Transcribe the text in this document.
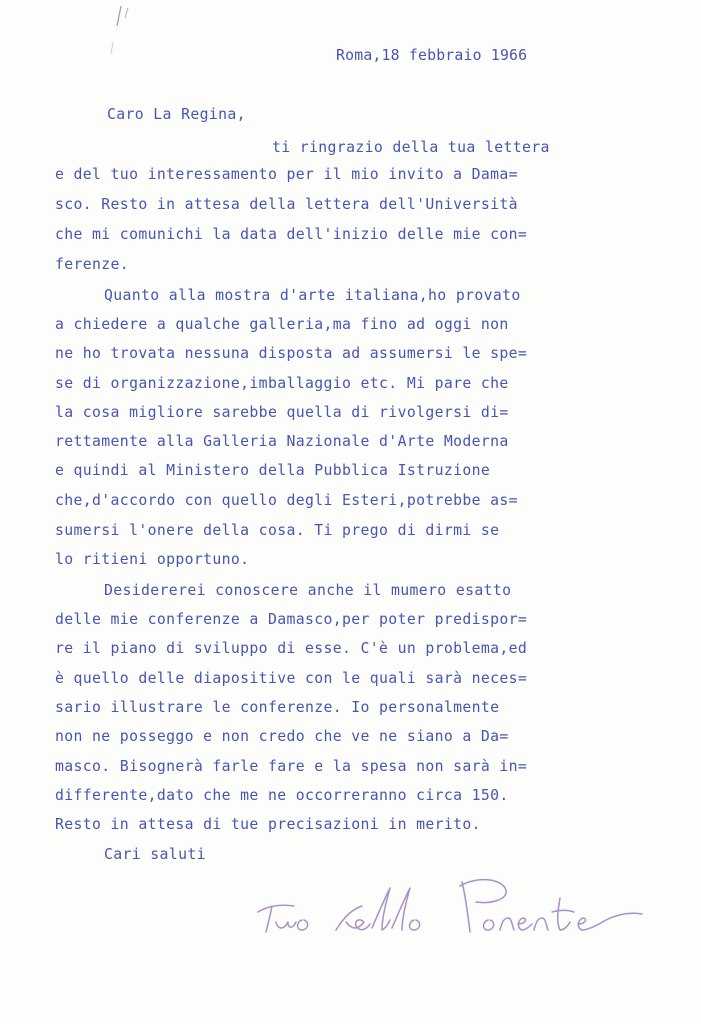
Roma,18 febbraio 1966
Caro La Regina,
ti ringrazio della tua lettera
e del tuo interessamento per il mio invito a Dama=
sco. Resto in attesa della lettera dell'Università
che mi comunichi la data dell'inizio delle mie con=
ferenze.
Quanto alla mostra d'arte italiana,ho provato
a chiedere a qualche galleria,ma fino ad oggi non
ne ho trovata nessuna disposta ad assumersi le spe=
se di organizzazione,imballaggio etc. Mi pare che
la cosa migliore sarebbe quella di rivolgersi di=
rettamente alla Galleria Nazionale d'Arte Moderna
e quindi al Ministero della Pubblica Istruzione
che,d'accordo con quello degli Esteri,potrebbe as=
sumersi l'onere della cosa. Ti prego di dirmi se
lo ritieni opportuno.
Desidererei conoscere anche il mumero esatto
delle mie conferenze a Damasco,per poter predispor=
re il piano di sviluppo di esse. C'è un problema,ed
è quello delle diapositive con le quali sarà neces=
sario illustrare le conferenze. Io personalmente
non ne posseggo e non credo che ve ne siano a Da=
masco. Bisognerà farle fare e la spesa non sarà in=
differente,dato che me ne occorreranno circa 150.
Resto in attesa di tue precisazioni in merito.
Cari saluti
